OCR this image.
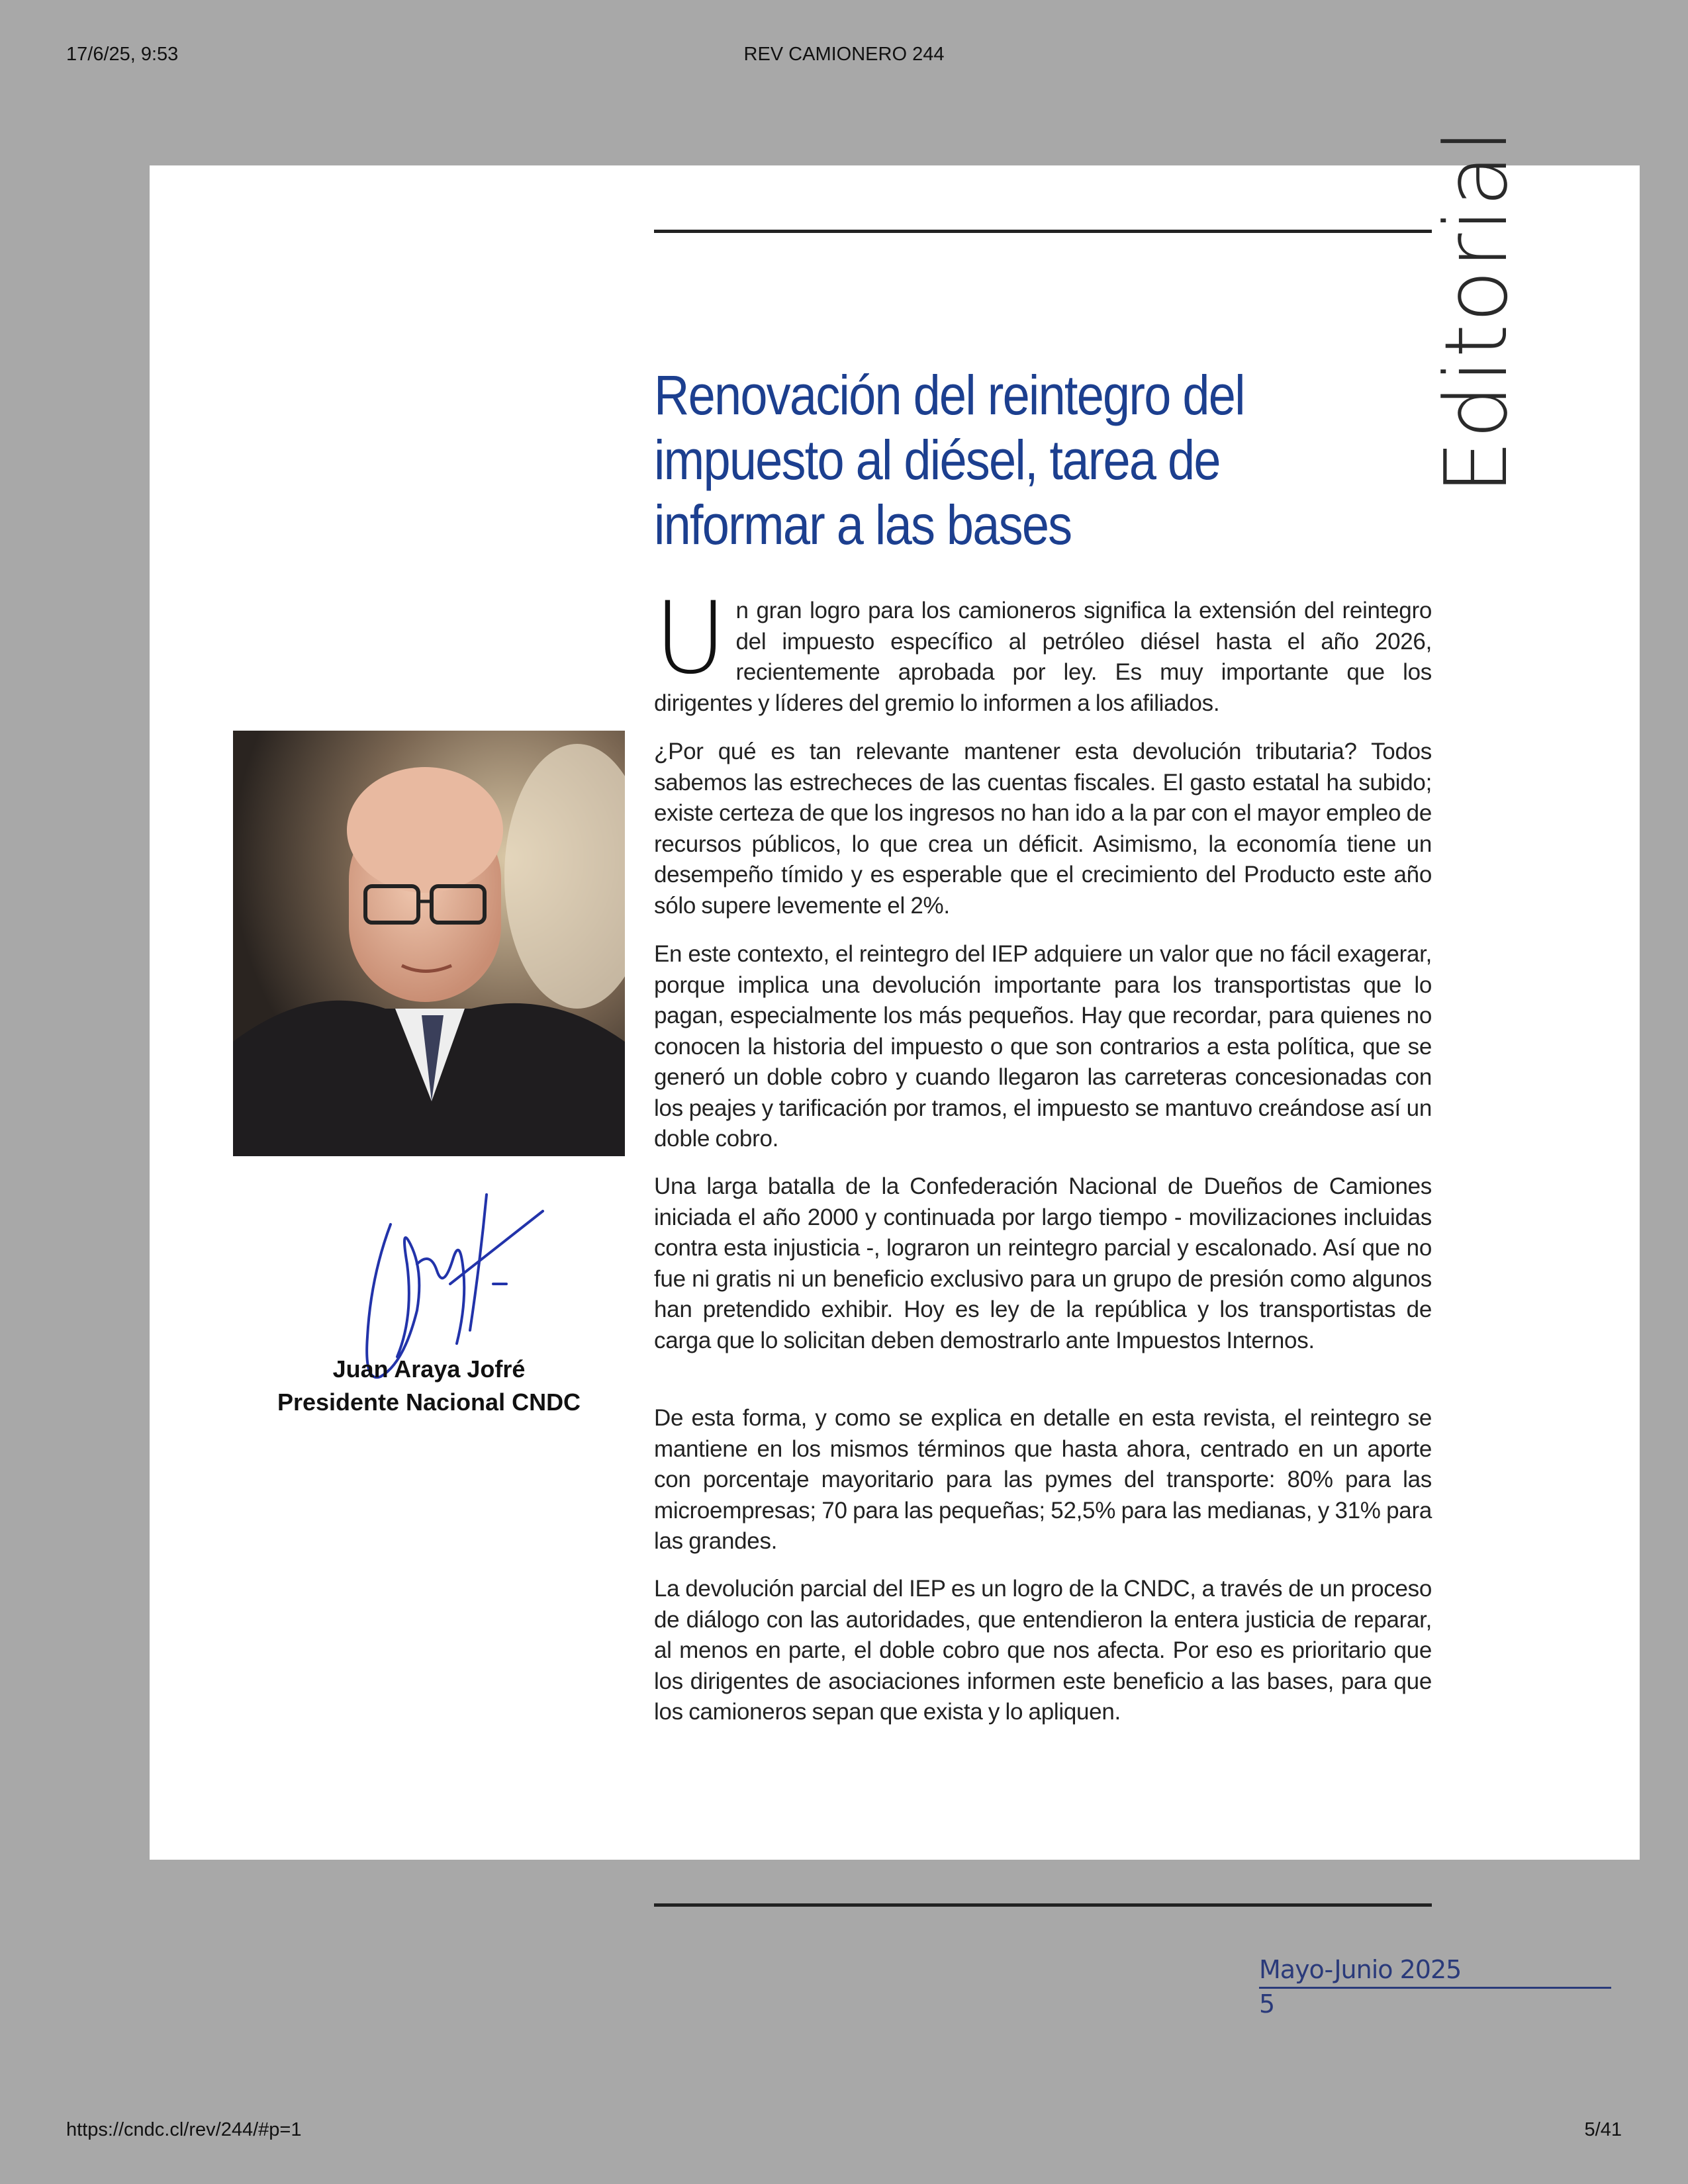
17/6/25, 9:53	REV CAMIONERO 244
Editorial
Renovación del reintegro del
impuesto al diésel, tarea de
informar a las bases

Un gran logro para los camioneros significa la extensión del reintegro del impuesto específico al petróleo diésel hasta el año 2026, recientemente aprobada por ley. Es muy importante que los dirigentes y líderes del gremio lo informen a los afiliados.

¿Por qué es tan relevante mantener esta devolución tributaria? Todos sabemos las estrecheces de las cuentas fiscales. El gasto estatal ha subido; existe certeza de que los ingresos no han ido a la par con el mayor empleo de recursos públicos, lo que crea un déficit. Asimismo, la economía tiene un desempeño tímido y es esperable que el crecimiento del Producto este año sólo supere levemente el 2%.

En este contexto, el reintegro del IEP adquiere un valor que no fácil exagerar, porque implica una devolución importante para los transportistas que lo pagan, especialmente los más pequeños. Hay que recordar, para quienes no conocen la historia del impuesto o que son contrarios a esta política, que se generó un doble cobro y cuando llegaron las carreteras concesionadas con los peajes y tarificación por tramos, el impuesto se mantuvo creándose así un doble cobro.

Una larga batalla de la Confederación Nacional de Dueños de Camiones iniciada el año 2000 y continuada por largo tiempo - movilizaciones incluidas contra esta injusticia -, lograron un reintegro parcial y escalonado. Así que no fue ni gratis ni un beneficio exclusivo para un grupo de presión como algunos han pretendido exhibir. Hoy es ley de la república y los transportistas de carga que lo solicitan deben demostrarlo ante Impuestos Internos.

De esta forma, y como se explica en detalle en esta revista, el reintegro se mantiene en los mismos términos que hasta ahora, centrado en un aporte con porcentaje mayoritario para las pymes del transporte: 80% para las microempresas; 70 para las pequeñas; 52,5% para las medianas, y 31% para las grandes.

La devolución parcial del IEP es un logro de la CNDC, a través de un proceso de diálogo con las autoridades, que entendieron la entera justicia de reparar, al menos en parte, el doble cobro que nos afecta. Por eso es prioritario que los dirigentes de asociaciones informen este beneficio a las bases, para que los camioneros sepan que exista y lo apliquen.

Juan Araya Jofré
Presidente Nacional CNDC
Mayo-Junio 2025
5
https://cndc.cl/rev/244/#p=1	5/41
